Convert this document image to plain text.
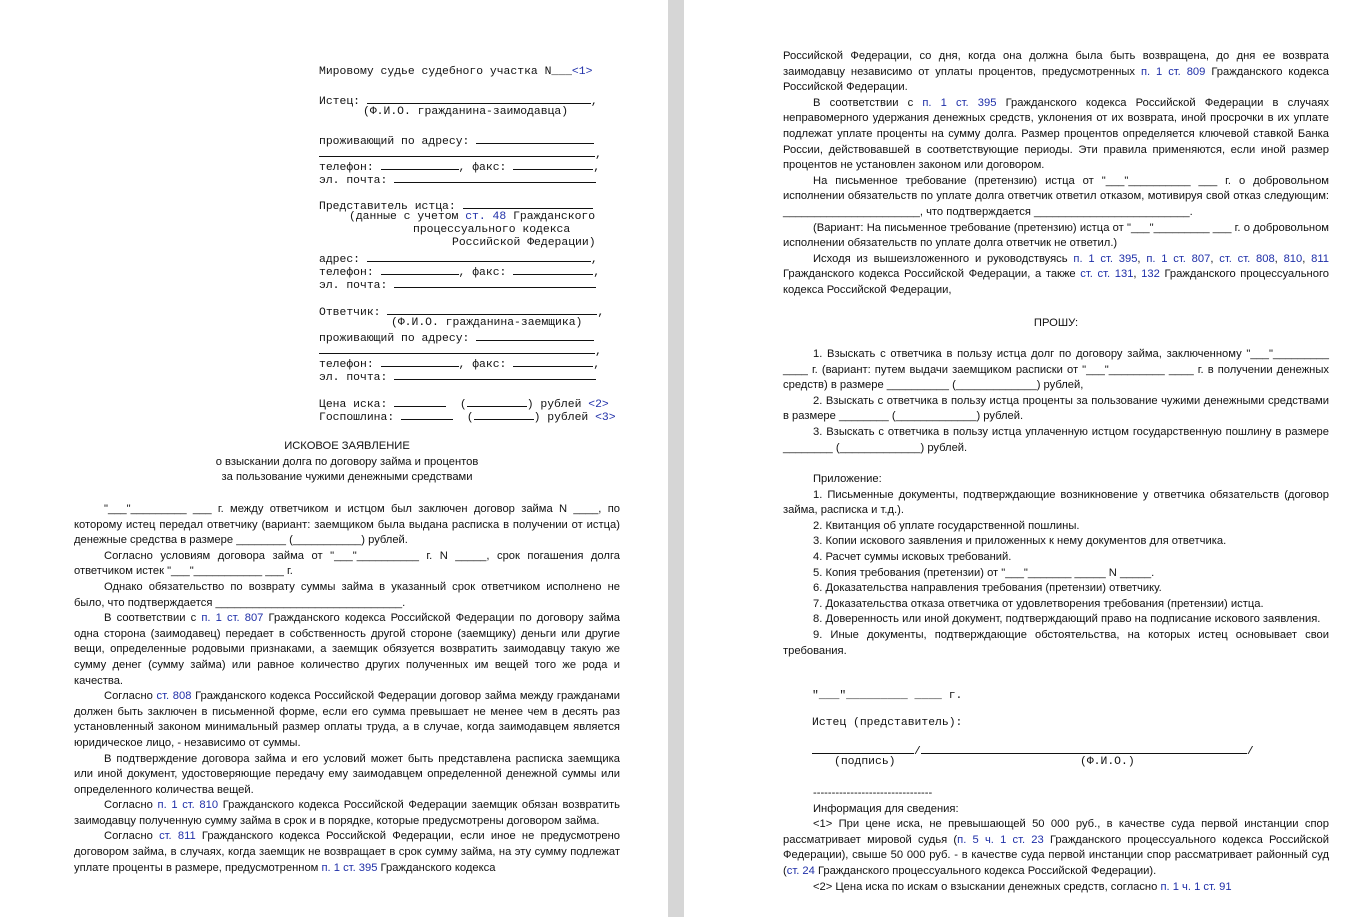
Мировому судье судебного участка N___<1>
Истец:	,
(Ф.И.О. гражданина-заимодавца)
проживающий по адресу:
,
телефон:	, факс:	,
эл. почта:
Представитель истца:
(данные с учетом ст. 48 Гражданского
процессуального кодекса
Российской Федерации)
адрес:	,
телефон:	, факс:	,
эл. почта:
Ответчик:	,
(Ф.И.О. гражданина-заемщика)
проживающий по адресу:
,
телефон:	, факс:	,
эл. почта:
Цена иска:	(	) рублей <2>
Госпошлина:	(	) рублей <3>
ИСКОВОЕ ЗАЯВЛЕНИЕ
о взыскании долга по договору займа и процентов
за пользование чужими денежными средствами

"___"_________ ___ г. между ответчиком и истцом был заключен договор займа N ____, по которому истец передал ответчику (вариант: заемщиком была выдана расписка в получении от истца) денежные средства в размере ________ (___________) рублей.

Согласно условиям договора займа от "___"__________ г. N _____, срок погашения долга ответчиком истек "___"___________ ___ г.

Однако обязательство по возврату суммы займа в указанный срок ответчиком исполнено не было, что подтверждается ______________________________.

В соответствии с п. 1 ст. 807 Гражданского кодекса Российской Федерации по договору займа одна сторона (заимодавец) передает в собственность другой стороне (заемщику) деньги или другие вещи, определенные родовыми признаками, а заемщик обязуется возвратить заимодавцу такую же сумму денег (сумму займа) или равное количество других полученных им вещей того же рода и качества.

Согласно ст. 808 Гражданского кодекса Российской Федерации договор займа между гражданами должен быть заключен в письменной форме, если его сумма превышает не менее чем в десять раз установленный законом минимальный размер оплаты труда, а в случае, когда заимодавцем является юридическое лицо, - независимо от суммы.

В подтверждение договора займа и его условий может быть представлена расписка заемщика или иной документ, удостоверяющие передачу ему заимодавцем определенной денежной суммы или определенного количества вещей.

Согласно п. 1 ст. 810 Гражданского кодекса Российской Федерации заемщик обязан возвратить заимодавцу полученную сумму займа в срок и в порядке, которые предусмотрены договором займа.

Согласно ст. 811 Гражданского кодекса Российской Федерации, если иное не предусмотрено договором займа, в случаях, когда заемщик не возвращает в срок сумму займа, на эту сумму подлежат уплате проценты в размере, предусмотренном п. 1 ст. 395 Гражданского кодекса

Российской Федерации, со дня, когда она должна была быть возвращена, до дня ее возврата заимодавцу независимо от уплаты процентов, предусмотренных п. 1 ст. 809 Гражданского кодекса Российской Федерации.

В соответствии с п. 1 ст. 395 Гражданского кодекса Российской Федерации в случаях неправомерного удержания денежных средств, уклонения от их возврата, иной просрочки в их уплате подлежат уплате проценты на сумму долга. Размер процентов определяется ключевой ставкой Банка России, действовавшей в соответствующие периоды. Эти правила применяются, если иной размер процентов не установлен законом или договором.

На письменное требование (претензию) истца от "___"__________ ___ г. о добровольном исполнении обязательств по уплате долга ответчик ответил отказом, мотивируя свой отказ следующим: ______________________, что подтверждается _________________________.

(Вариант: На письменное требование (претензию) истца от "___"_________ ___ г. о добровольном исполнении обязательств по уплате долга ответчик не ответил.)

Исходя из вышеизложенного и руководствуясь п. 1 ст. 395, п. 1 ст. 807, ст. ст. 808, 810, 811 Гражданского кодекса Российской Федерации, а также ст. ст. 131, 132 Гражданского процессуального кодекса Российской Федерации,

ПРОШУ:

1. Взыскать с ответчика в пользу истца долг по договору займа, заключенному "___"_________ ____ г. (вариант: путем выдачи заемщиком расписки от "___"_________ ____ г. в получении денежных средств) в размере __________ (_____________) рублей,

2. Взыскать с ответчика в пользу истца проценты за пользование чужими денежными средствами в размере ________ (_____________) рублей.

3. Взыскать с ответчика в пользу истца уплаченную истцом государственную пошлину в размере ________ (_____________) рублей.

Приложение:

1. Письменные документы, подтверждающие возникновение у ответчика обязательств (договор займа, расписка и т.д.).

2. Квитанция об уплате государственной пошлины.

3. Копии искового заявления и приложенных к нему документов для ответчика.

4. Расчет суммы исковых требований.

5. Копия требования (претензии) от "___"_______ _____ N _____.

6. Доказательства направления требования (претензии) ответчику.

7. Доказательства отказа ответчика от удовлетворения требования (претензии) истца.

8. Доверенность или иной документ, подтверждающий право на подписание искового заявления.

9. Иные документы, подтверждающие обстоятельства, на которых истец основывает свои требования.

"___"_________ ____ г.
Истец (представитель):
/	/
(подпись)	(Ф.И.О.)

--------------------------------

Информация для сведения:

<1> При цене иска, не превышающей 50 000 руб., в качестве суда первой инстанции спор рассматривает мировой судья (п. 5 ч. 1 ст. 23 Гражданского процессуального кодекса Российской Федерации), свыше 50 000 руб. - в качестве суда первой инстанции спор рассматривает районный суд (ст. 24 Гражданского процессуального кодекса Российской Федерации).

<2> Цена иска по искам о взыскании денежных средств, согласно п. 1 ч. 1 ст. 91
